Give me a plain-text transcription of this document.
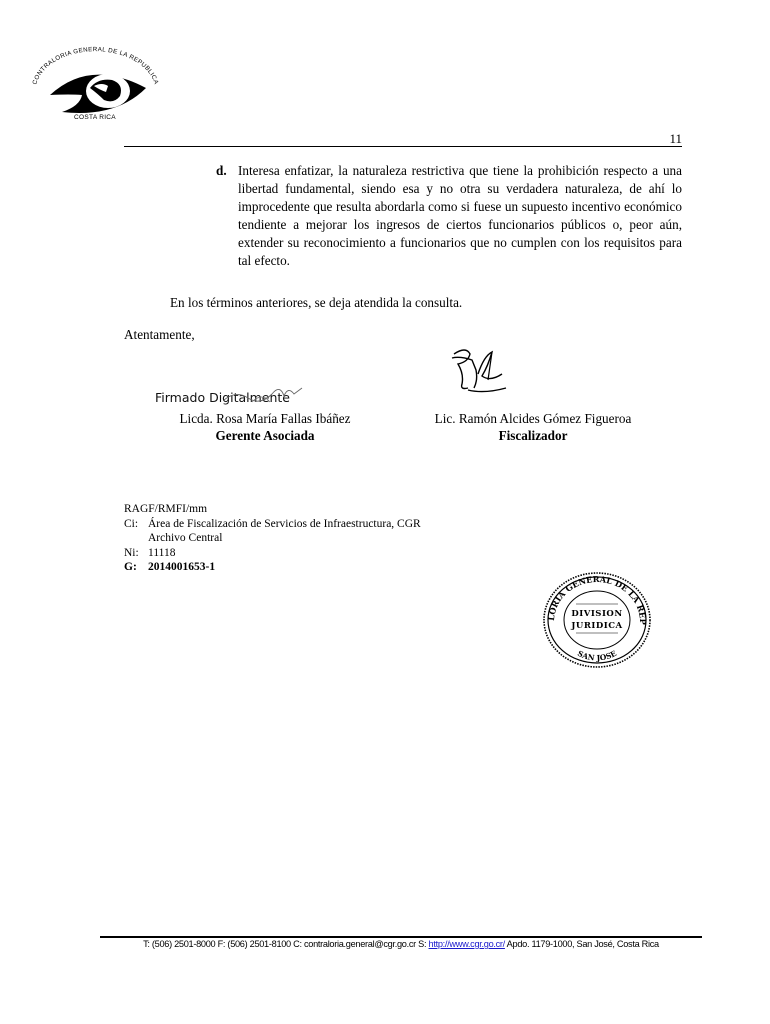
CONTRALORIA GENERAL DE LA REPUBLICA
COSTA RICA
11
d. Interesa enfatizar, la naturaleza restrictiva que tiene la prohibición respecto a una libertad fundamental, siendo esa y no otra su verdadera naturaleza, de ahí lo improcedente que resulta abordarla como si fuese un supuesto incentivo económico tendiente a mejorar los ingresos de ciertos funcionarios públicos o, peor aún, extender su reconocimiento a funcionarios que no cumplen con los requisitos para tal efecto.
En los términos anteriores, se deja atendida la consulta.
Atentamente,
Firmado Digitalmente
Licda. Rosa María Fallas Ibáñez
Gerente Asociada
Lic. Ramón Alcides Gómez Figueroa
Fiscalizador
RAGF/RMFI/mm
Ci: Área de Fiscalización de Servicios de Infraestructura, CGR
Archivo Central
Ni: 11118
G: 2014001653-1
LORIA GENERAL DE LA REP
SAN JOSE
DIVISION
JURIDICA
T: (506) 2501-8000 F: (506) 2501-8100 C: contraloria.general@cgr.go.cr S: http://www.cgr.go.cr/ Apdo. 1179-1000, San José, Costa Rica
